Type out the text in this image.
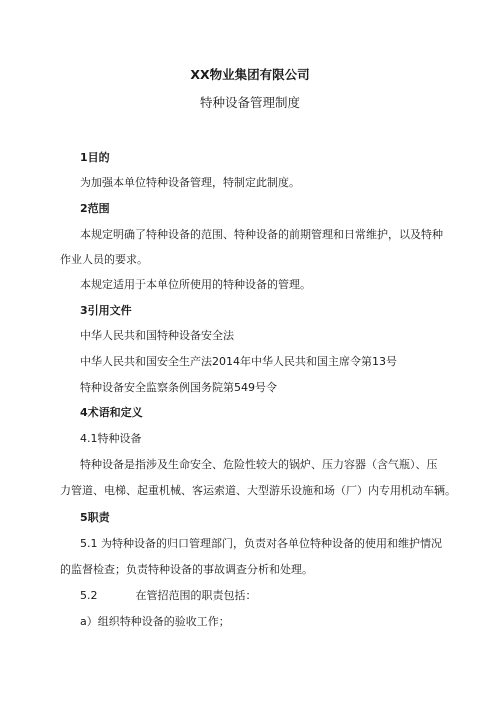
XX物业集团有限公司
特种设备管理制度
1目的
为加强本单位特种设备管理，特制定此制度。
2范围
本规定明确了特种设备的范围、特种设备的前期管理和日常维护，以及特种
作业人员的要求。
本规定适用于本单位所使用的特种设备的管理。
3引用文件
中华人民共和国特种设备安全法
中华人民共和国安全生产法2014年中华人民共和国主席令第13号
特种设备安全监察条例国务院第549号令
4术语和定义
4.1特种设备
特种设备是指涉及生命安全、危险性较大的锅炉、压力容器（含气瓶）、压
力管道、电梯、起重机械、客运索道、大型游乐设施和场（厂）内专用机动车辆。
5职责
5.1 为特种设备的归口管理部门，负责对各单位特种设备的使用和维护情况
的监督检查；负责特种设备的事故调查分析和处理。
5.2	在管招范围的职责包括：
a）组织特种设备的验收工作；
